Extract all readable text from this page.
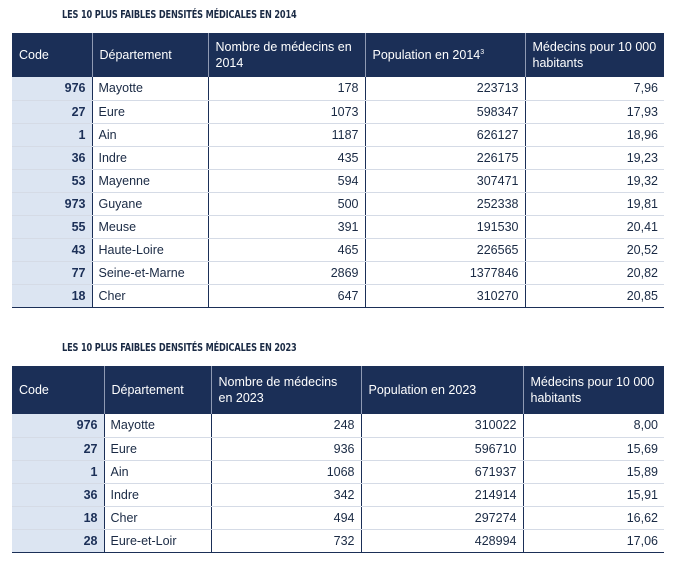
LES 10 PLUS FAIBLES DENSITÉS MÉDICALES EN 2014
Code	Département	Nombre de médecins en 2014	Population en 2014$^3$	Médecins pour 10 000 habitants
976	Mayotte	178	223713	7,96
27	Eure	1073	598347	17,93
1	Ain	1187	626127	18,96
36	Indre	435	226175	19,23
53	Mayenne	594	307471	19,32
973	Guyane	500	252338	19,81
55	Meuse	391	191530	20,41
43	Haute-Loire	465	226565	20,52
77	Seine-et-Marne	2869	1377846	20,82
18	Cher	647	310270	20,85
LES 10 PLUS FAIBLES DENSITÉS MÉDICALES EN 2023
Code	Département	Nombre de médecins en 2023	Population en 2023	Médecins pour 10 000 habitants
976	Mayotte	248	310022	8,00
27	Eure	936	596710	15,69
1	Ain	1068	671937	15,89
36	Indre	342	214914	15,91
18	Cher	494	297274	16,62
28	Eure-et-Loir	732	428994	17,06
